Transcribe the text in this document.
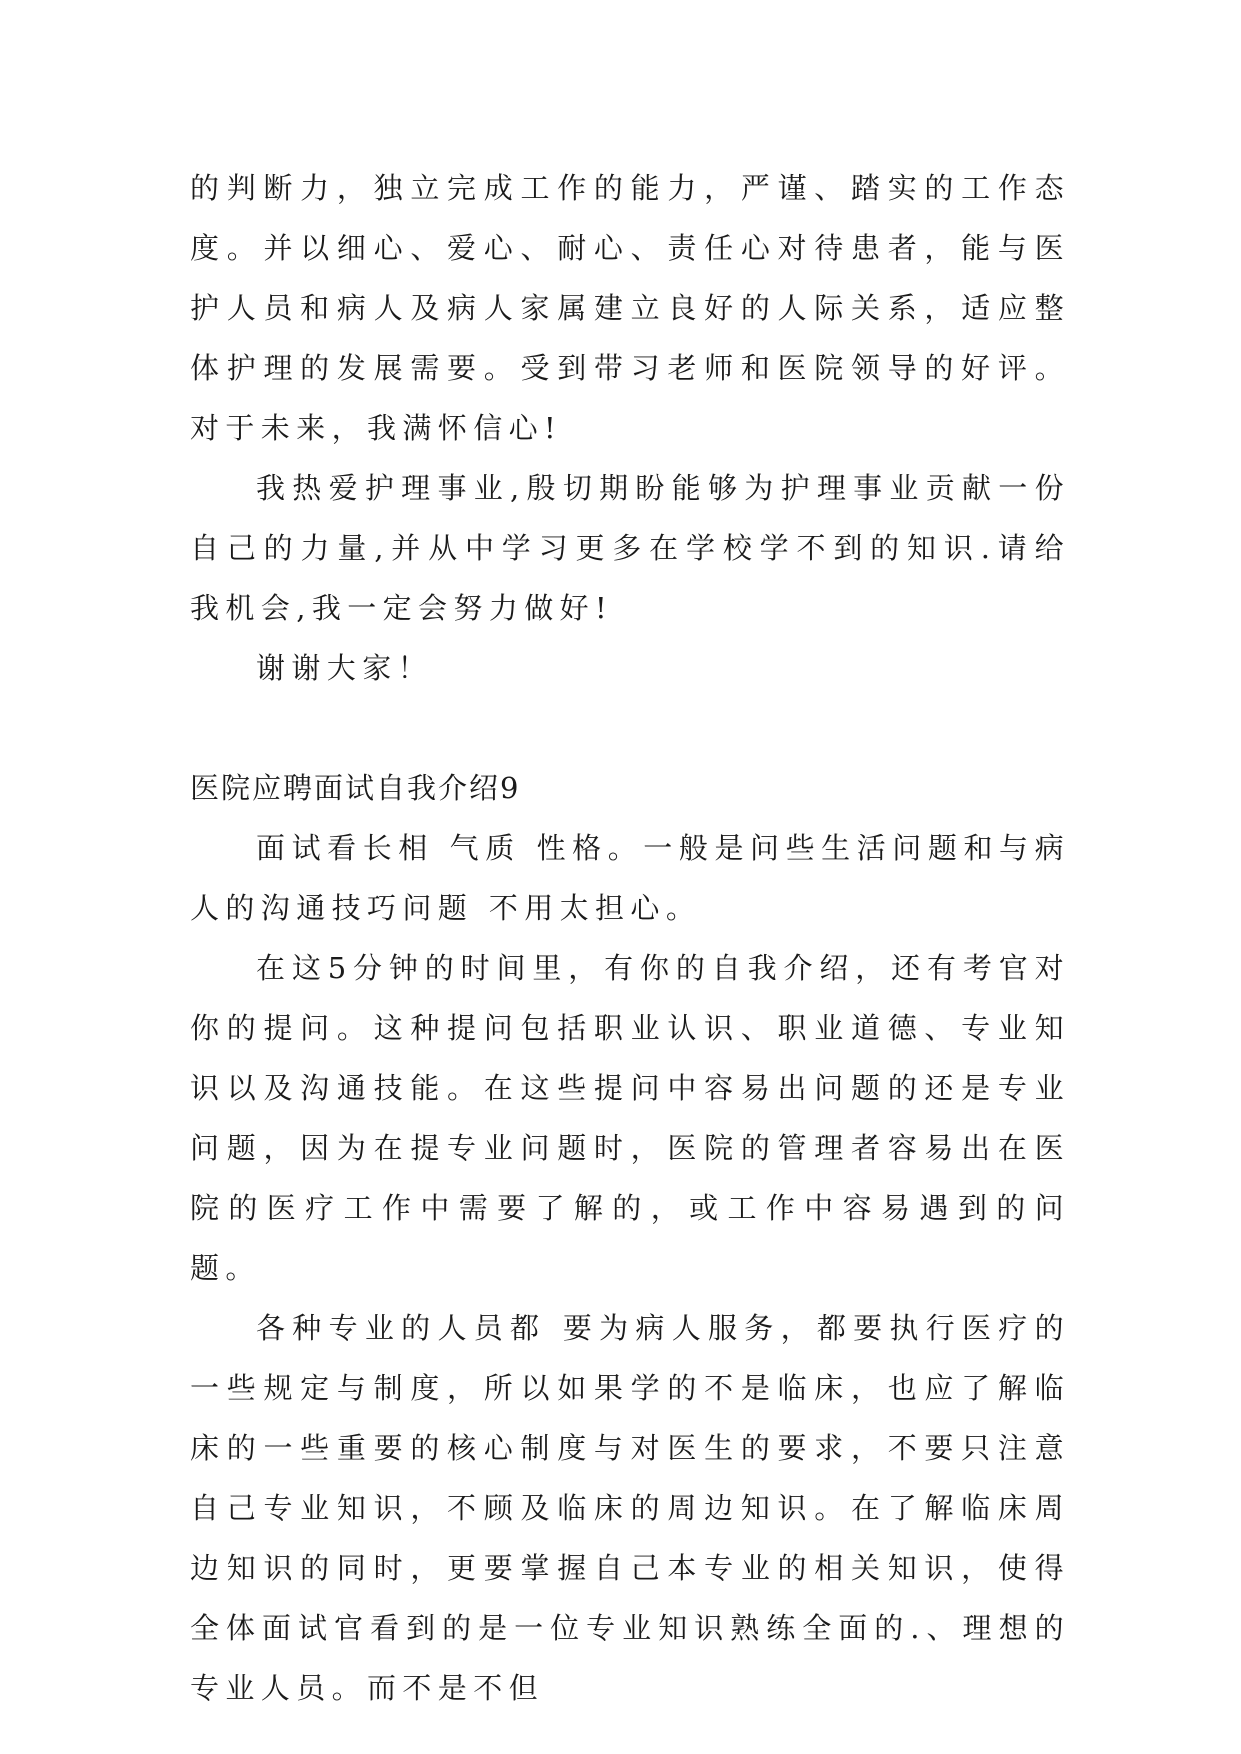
的判断力，独立完成工作的能力，严谨、踏实的工作态度。并以细心、爱心、耐心、责任心对待患者，能与医护人员和病人及病人家属建立良好的人际关系，适应整体护理的发展需要。受到带习老师和医院领导的好评。对于未来，我满怀信心!

我热爱护理事业,殷切期盼能够为护理事业贡献一份自己的力量,并从中学习更多在学校学不到的知识.请给我机会,我一定会努力做好!

谢谢大家！

医院应聘面试自我介绍9

面试看长相 气质 性格。一般是问些生活问题和与病人的沟通技巧问题 不用太担心。

在这5分钟的时间里，有你的自我介绍，还有考官对你的提问。这种提问包括职业认识、职业道德、专业知识以及沟通技能。在这些提问中容易出问题的还是专业问题，因为在提专业问题时，医院的管理者容易出在医院的医疗工作中需要了解的，或工作中容易遇到的问题。

各种专业的人员都 要为病人服务，都要执行医疗的一些规定与制度，所以如果学的不是临床，也应了解临床的一些重要的核心制度与对医生的要求，不要只注意自己专业知识，不顾及临床的周边知识。在了解临床周边知识的同时，更要掌握自己本专业的相关知识，使得全体面试官看到的是一位专业知识熟练全面的.、理想的专业人员。而不是不但
